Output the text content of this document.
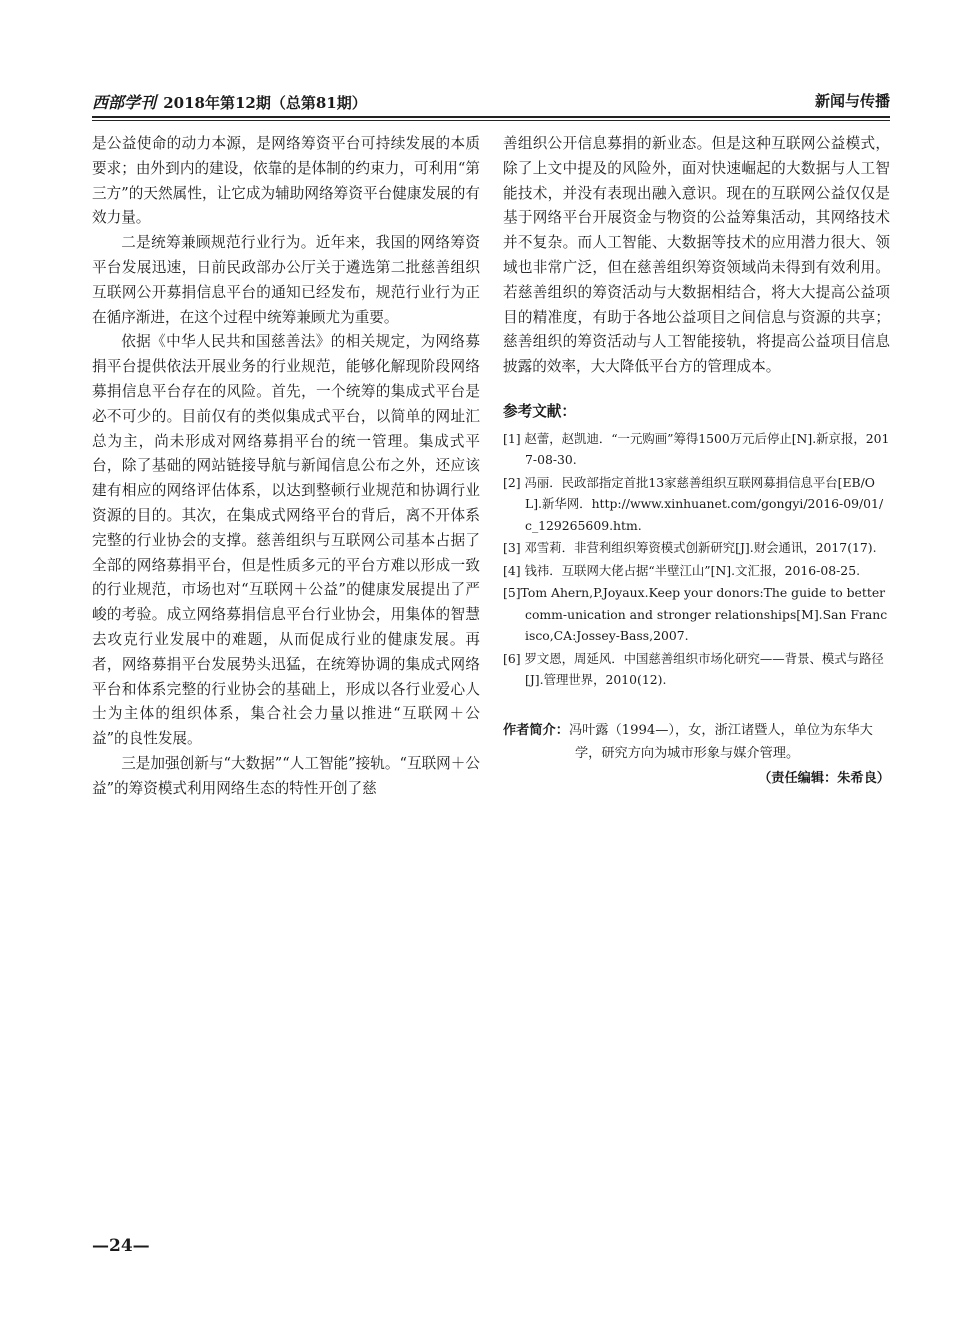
西部学刊 2018年第12期（总第81期）	新闻与传播

是公益使命的动力本源，是网络筹资平台可持续发展的本质要求；由外到内的建设，依靠的是体制的约束力，可利用“第三方”的天然属性，让它成为辅助网络筹资平台健康发展的有效力量。

二是统筹兼顾规范行业行为。近年来，我国的网络筹资平台发展迅速，日前民政部办公厅关于遴选第二批慈善组织互联网公开募捐信息平台的通知已经发布，规范行业行为正在循序渐进，在这个过程中统筹兼顾尤为重要。

依据《中华人民共和国慈善法》的相关规定，为网络募捐平台提供依法开展业务的行业规范，能够化解现阶段网络募捐信息平台存在的风险。首先，一个统筹的集成式平台是必不可少的。目前仅有的类似集成式平台，以简单的网址汇总为主，尚未形成对网络募捐平台的统一管理。集成式平台，除了基础的网站链接导航与新闻信息公布之外，还应该建有相应的网络评估体系，以达到整顿行业规范和协调行业资源的目的。其次，在集成式网络平台的背后，离不开体系完整的行业协会的支撑。慈善组织与互联网公司基本占据了全部的网络募捐平台，但是性质多元的平台方难以形成一致的行业规范，市场也对“互联网＋公益”的健康发展提出了严峻的考验。成立网络募捐信息平台行业协会，用集体的智慧去攻克行业发展中的难题，从而促成行业的健康发展。再者，网络募捐平台发展势头迅猛，在统筹协调的集成式网络平台和体系完整的行业协会的基础上，形成以各行业爱心人士为主体的组织体系，集合社会力量以推进“互联网＋公益”的良性发展。

三是加强创新与“大数据”“人工智能”接轨。“互联网＋公益”的筹资模式利用网络生态的特性开创了慈

善组织公开信息募捐的新业态。但是这种互联网公益模式，除了上文中提及的风险外，面对快速崛起的大数据与人工智能技术，并没有表现出融入意识。现在的互联网公益仅仅是基于网络平台开展资金与物资的公益筹集活动，其网络技术并不复杂。而人工智能、大数据等技术的应用潜力很大、领域也非常广泛，但在慈善组织筹资领域尚未得到有效利用。若慈善组织的筹资活动与大数据相结合，将大大提高公益项目的精准度，有助于各地公益项目之间信息与资源的共享；慈善组织的筹资活动与人工智能接轨，将提高公益项目信息披露的效率，大大降低平台方的管理成本。

参考文献：
[1] 赵蕾，赵凯迪．“一元购画”筹得1500万元后停止[N].新京报，2017-08-30.
[2] 冯丽．民政部指定首批13家慈善组织互联网募捐信息平台[EB/OL].新华网．http://www.xinhuanet.com/gongyi/2016-09/01/c_129265609.htm.
[3] 邓雪莉．非营利组织筹资模式创新研究[J].财会通讯，2017(17).
[4] 钱祎．互联网大佬占据“半壁江山”[N].文汇报，2016-08-25.
[5]Tom Ahern,P.Joyaux.Keep your donors:The guide to better comm-unication and stronger relationships[M].San Francisco,CA:Jossey-Bass,2007.
[6] 罗文恩，周延风．中国慈善组织市场化研究——背景、模式与路径[J].管理世界，2010(12).
作者简介：冯叶露（1994—），女，浙江诸暨人，单位为东华大学，研究方向为城市形象与媒介管理。
（责任编辑：朱希良）
—24—
